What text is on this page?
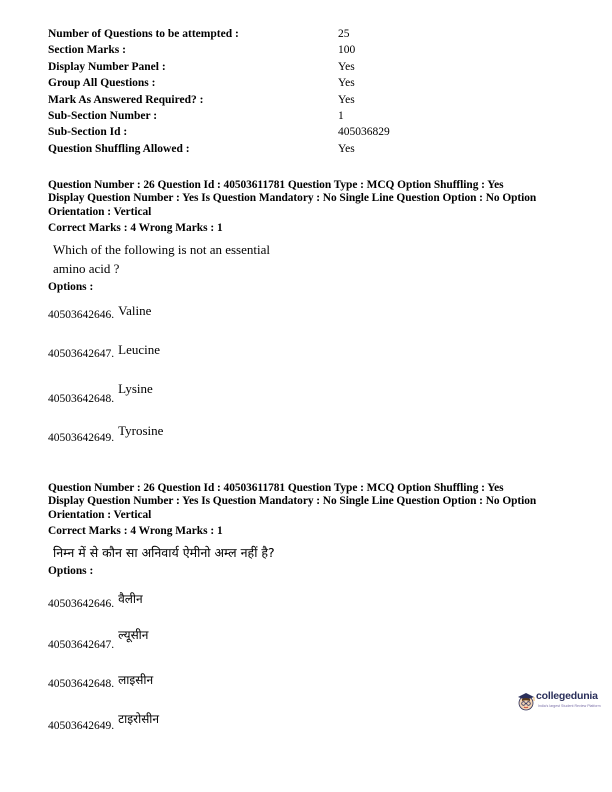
Number of Questions to be attempted :	25
Section Marks :	100
Display Number Panel :	Yes
Group All Questions :	Yes
Mark As Answered Required? :	Yes
Sub-Section Number :	1
Sub-Section Id :	405036829
Question Shuffling Allowed :	Yes
Question Number : 26 Question Id : 40503611781 Question Type : MCQ Option Shuffling : Yes
Display Question Number : Yes Is Question Mandatory : No Single Line Question Option : No Option
Orientation : Vertical
Correct Marks : 4 Wrong Marks : 1
Which of the following is not an essential
amino acid ?
Options :
40503642646. Valine
40503642647. Leucine
40503642648.$^{Lysine}$
40503642649. $^{Tyrosine}$
Question Number : 26 Question Id : 40503611781 Question Type : MCQ Option Shuffling : Yes
Display Question Number : Yes Is Question Mandatory : No Single Line Question Option : No Option
Orientation : Vertical
Correct Marks : 4 Wrong Marks : 1
निम्न में से कौन सा अनिवार्य ऐमीनो अम्ल नहीं है?
Options :
40503642646. $^{वैलीन}$
40503642647.$^{ल्यूसीन}$
40503642648. लाइसीन
40503642649. $^{टाइरोसीन}$
collegedunia
India's largest Student Review Platform
